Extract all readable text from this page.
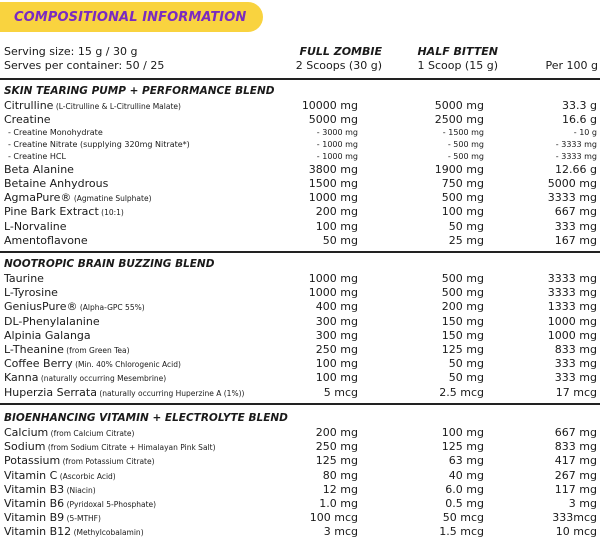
COMPOSITIONAL INFORMATION
Serving size: 15 g / 30 g	FULL ZOMBIE	HALF BITTEN
Serves per container: 50 / 25	2 Scoops (30 g)	1 Scoop (15 g)	Per 100 g
SKIN TEARING PUMP + PERFORMANCE BLEND
Citrulline (L-Citrulline & L-Citrulline Malate)	10000 mg	5000 mg	33.3 g
Creatine	5000 mg	2500 mg	16.6 g
- Creatine Monohydrate	- 3000 mg	- 1500 mg	- 10 g
- Creatine Nitrate (supplying 320mg Nitrate*)	- 1000 mg	- 500 mg	- 3333 mg
- Creatine HCL	- 1000 mg	- 500 mg	- 3333 mg
Beta Alanine	3800 mg	1900 mg	12.66 g
Betaine Anhydrous	1500 mg	750 mg	5000 mg
AgmaPure® (Agmatine Sulphate)	1000 mg	500 mg	3333 mg
Pine Bark Extract (10:1)	200 mg	100 mg	667 mg
L-Norvaline	100 mg	50 mg	333 mg
Amentoflavone	50 mg	25 mg	167 mg
NOOTROPIC BRAIN BUZZING BLEND
Taurine	1000 mg	500 mg	3333 mg
L-Tyrosine	1000 mg	500 mg	3333 mg
GeniusPure® (Alpha-GPC 55%)	400 mg	200 mg	1333 mg
DL-Phenylalanine	300 mg	150 mg	1000 mg
Alpinia Galanga	300 mg	150 mg	1000 mg
L-Theanine (from Green Tea)	250 mg	125 mg	833 mg
Coffee Berry (Min. 40% Chlorogenic Acid)	100 mg	50 mg	333 mg
Kanna (naturally occurring Mesembrine)	100 mg	50 mg	333 mg
Huperzia Serrata (naturally occurring Huperzine A (1%))	5 mcg	2.5 mcg	17 mcg
BIOENHANCING VITAMIN + ELECTROLYTE BLEND
Calcium (from Calcium Citrate)	200 mg	100 mg	667 mg
Sodium (from Sodium Citrate + Himalayan Pink Salt)	250 mg	125 mg	833 mg
Potassium (from Potassium Citrate)	125 mg	63 mg	417 mg
Vitamin C (Ascorbic Acid)	80 mg	40 mg	267 mg
Vitamin B3 (Niacin)	12 mg	6.0 mg	117 mg
Vitamin B6 (Pyridoxal 5-Phosphate)	1.0 mg	0.5 mg	3 mg
Vitamin B9 (5-MTHF)	100 mcg	50 mcg	333mcg
Vitamin B12 (Methylcobalamin)	3 mcg	1.5 mcg	10 mcg
